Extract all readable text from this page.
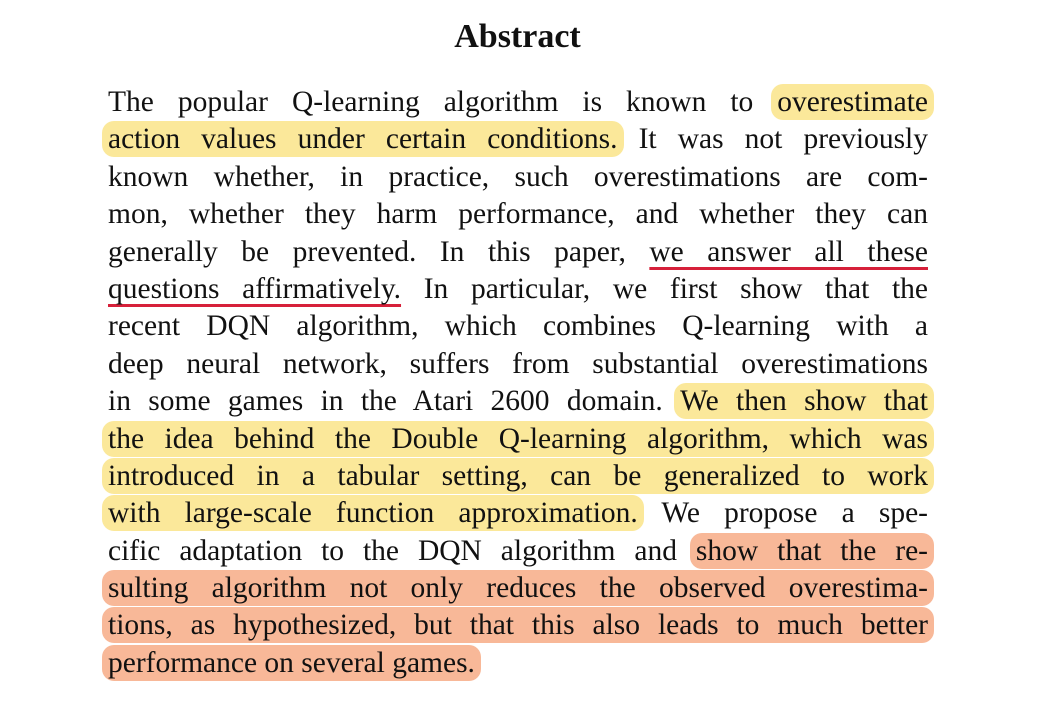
Abstract
The popular Q-learning algorithm is known to overestimate
action values under certain conditions. It was not previously
known whether, in practice, such overestimations are com-
mon, whether they harm performance, and whether they can
generally be prevented. In this paper, we answer all these
questions affirmatively. In particular, we first show that the
recent DQN algorithm, which combines Q-learning with a
deep neural network, suffers from substantial overestimations
in some games in the Atari 2600 domain. We then show that
the idea behind the Double Q-learning algorithm, which was
introduced in a tabular setting, can be generalized to work
with large-scale function approximation. We propose a spe-
cific adaptation to the DQN algorithm and show that the re-
sulting algorithm not only reduces the observed overestima-
tions, as hypothesized, but that this also leads to much better
performance on several games.
